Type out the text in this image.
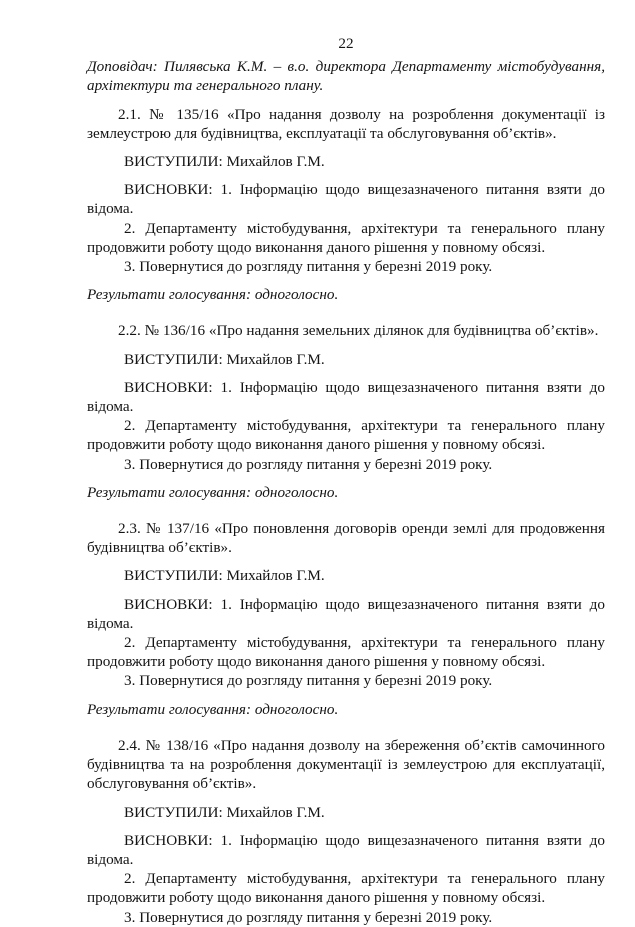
22

Доповідач: Пилявська К.М. – в.о. директора Департаменту містобудування, архітектури та генерального плану.

2.1. № 135/16 «Про надання дозволу на розроблення документації із землеустрою для будівництва, експлуатації та обслуговування об’єктів».

ВИСТУПИЛИ: Михайлов Г.М.

ВИСНОВКИ: 1. Інформацію щодо вищезазначеного питання взяти до відома.

2. Департаменту містобудування, архітектури та генерального плану продовжити роботу щодо виконання даного рішення у повному обсязі.

3. Повернутися до розгляду питання у березні 2019 року.

Результати голосування: одноголосно.

2.2. № 136/16 «Про надання земельних ділянок для будівництва об’єктів».

ВИСТУПИЛИ: Михайлов Г.М.

ВИСНОВКИ: 1. Інформацію щодо вищезазначеного питання взяти до відома.

2. Департаменту містобудування, архітектури та генерального плану продовжити роботу щодо виконання даного рішення у повному обсязі.

3. Повернутися до розгляду питання у березні 2019 року.

Результати голосування: одноголосно.

2.3. № 137/16 «Про поновлення договорів оренди землі для продовження будівництва об’єктів».

ВИСТУПИЛИ: Михайлов Г.М.

ВИСНОВКИ: 1. Інформацію щодо вищезазначеного питання взяти до відома.

2. Департаменту містобудування, архітектури та генерального плану продовжити роботу щодо виконання даного рішення у повному обсязі.

3. Повернутися до розгляду питання у березні 2019 року.

Результати голосування: одноголосно.

2.4. № 138/16 «Про надання дозволу на збереження об’єктів самочинного будівництва та на розроблення документації із землеустрою для експлуатації, обслуговування об’єктів».

ВИСТУПИЛИ: Михайлов Г.М.

ВИСНОВКИ: 1. Інформацію щодо вищезазначеного питання взяти до відома.

2. Департаменту містобудування, архітектури та генерального плану продовжити роботу щодо виконання даного рішення у повному обсязі.

3. Повернутися до розгляду питання у березні 2019 року.
